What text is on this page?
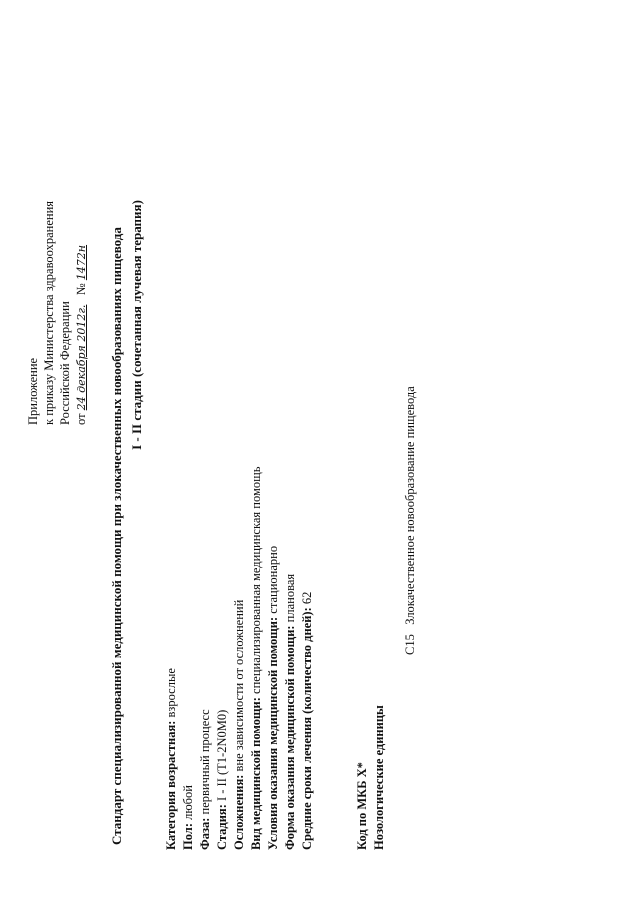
Приложение к приказу Министерства здравоохранения Российской Федерации от 24 декабря 2012г.   № 1472н Стандарт специализированной медицинской помощи при злокачественных новообразованиях пищевода I - II стадии (сочетанная лучевая терапия)
Категория возрастная: взрослые
Пол: любой
Фаза: первичный процесс
Стадия: I - II (T1-2N0M0)
Осложнения: вне зависимости от осложнений Вид медицинской помощи: специализированная медицинская помощь
Условия оказания медицинской помощи: стационарно
Форма оказания медицинской помощи: плановая
Средние сроки лечения (количество дней): 62
Код по МКБ X* Нозологические единицы
C15   Злокачественное новообразование пищевода
